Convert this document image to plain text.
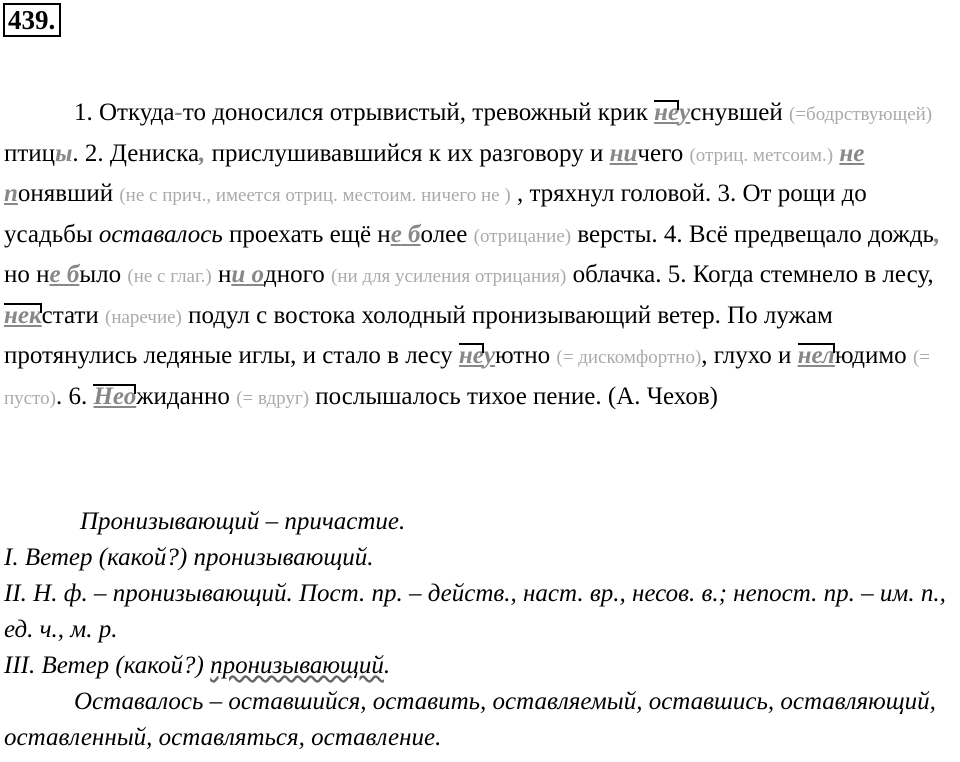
439.
1. Откуда-то доносился отрывистый, тревожный крик неуснувшей (=бодрствующей) птицы. 2. Дениска, прислушивавшийся к их разговору и ничего (отриц. метсоим.) не понявший (не с прич., имеется отриц. местоим. ничего не ) , тряхнул головой. 3. От рощи до усадьбы оставалось проехать ещё не более (отрицание) версты. 4. Всё предвещало дождь, но не было (не с глаг.) ни одного (ни для усиления отрицания) облачка. 5. Когда стемнело в лесу, некстати (наречие) подул с востока холодный пронизывающий ветер. По лужам протянулись ледяные иглы, и стало в лесу неуютно (= дискомфортно), глухо и нелюдимо (= пусто). 6. Неожиданно (= вдруг) послышалось тихое пение. (А. Чехов)
Пронизывающий – причастие.
I. Ветер (какой?) пронизывающий.
II. Н. ф. – пронизывающий. Пост. пр. – действ., наст. вр., несов. в.; непост. пр. – им. п., ед. ч., м. р.
III. Ветер (какой?) пронизывающий.
Оставалось – оставшийся, оставить, оставляемый, оставшись, оставляющий, оставленный, оставляться, оставление.
